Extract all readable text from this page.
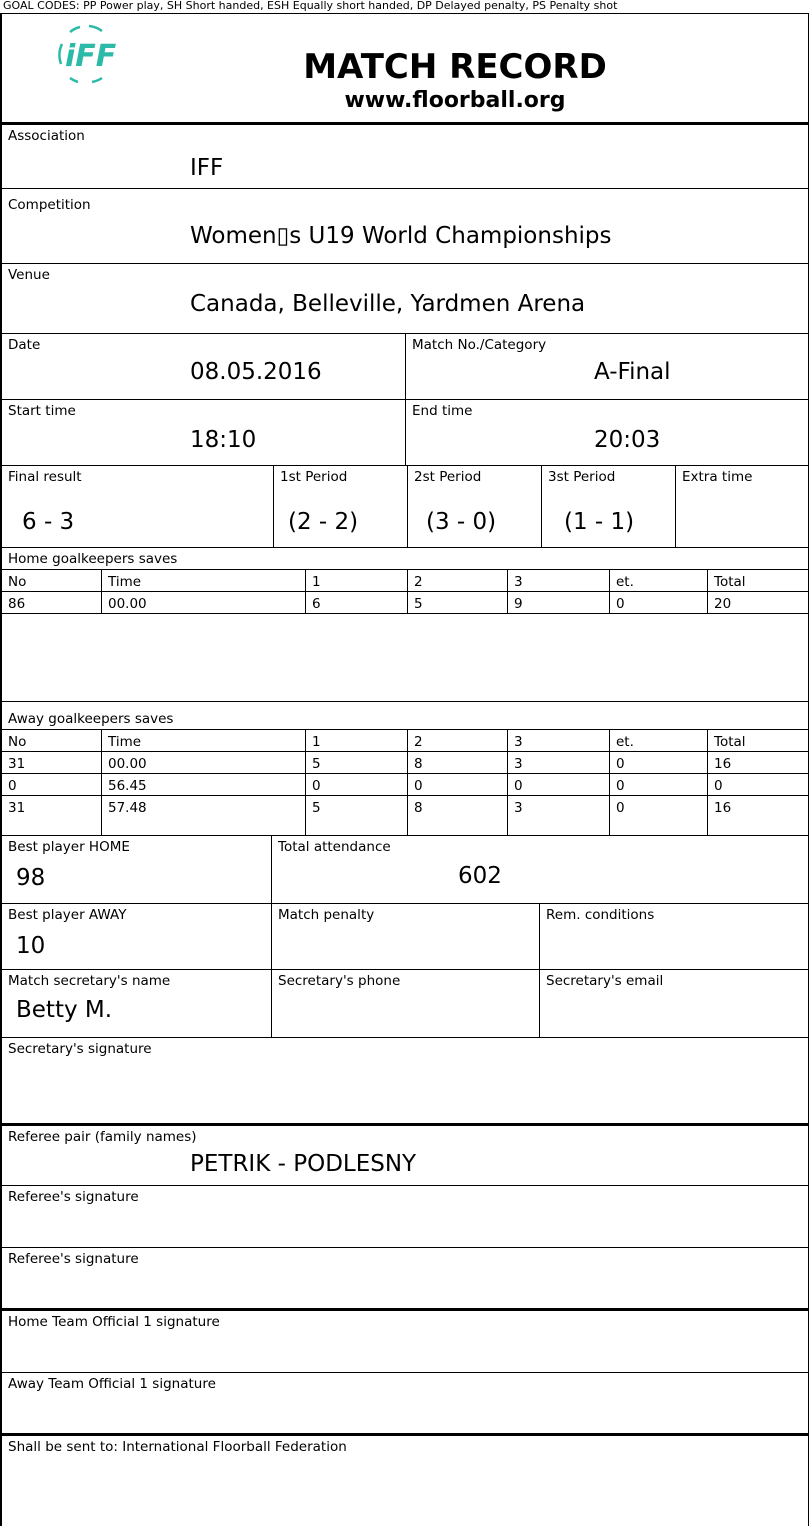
GOAL CODES: PP Power play, SH Short handed, ESH Equally short handed, DP Delayed penalty, PS Penalty shot
iFF	MATCH RECORD
www.floorball.org
Association
IFF
Competition
Women▯s U19 World Championships
Venue
Canada, Belleville, Yardmen Arena
Date
08.05.2016
Match No./Category
A-Final
Start time
18:10
End time
20:03
Final result
6 - 3
1st Period
(2 - 2)
2st Period
(3 - 0)
3st Period
(1 - 1)
Extra time
Home goalkeepers saves
No	Time	1	2	3	et.	Total
86	00.00	6	5	9	0	20
Away goalkeepers saves
No	Time	1	2	3	et.	Total
31	00.00	5	8	3	0	16
0	56.45	0	0	0	0	0
31	57.48	5	8	3	0	16
Best player HOME
98
Total attendance
602
Best player AWAY
10
Match penalty	Rem. conditions
Match secretary's name
Betty M.
Secretary's phone	Secretary's email
Secretary's signature
Referee pair (family names)
PETRIK - PODLESNY
Referee's signature
Referee's signature
Home Team Official 1 signature
Away Team Official 1 signature
Shall be sent to: International Floorball Federation
